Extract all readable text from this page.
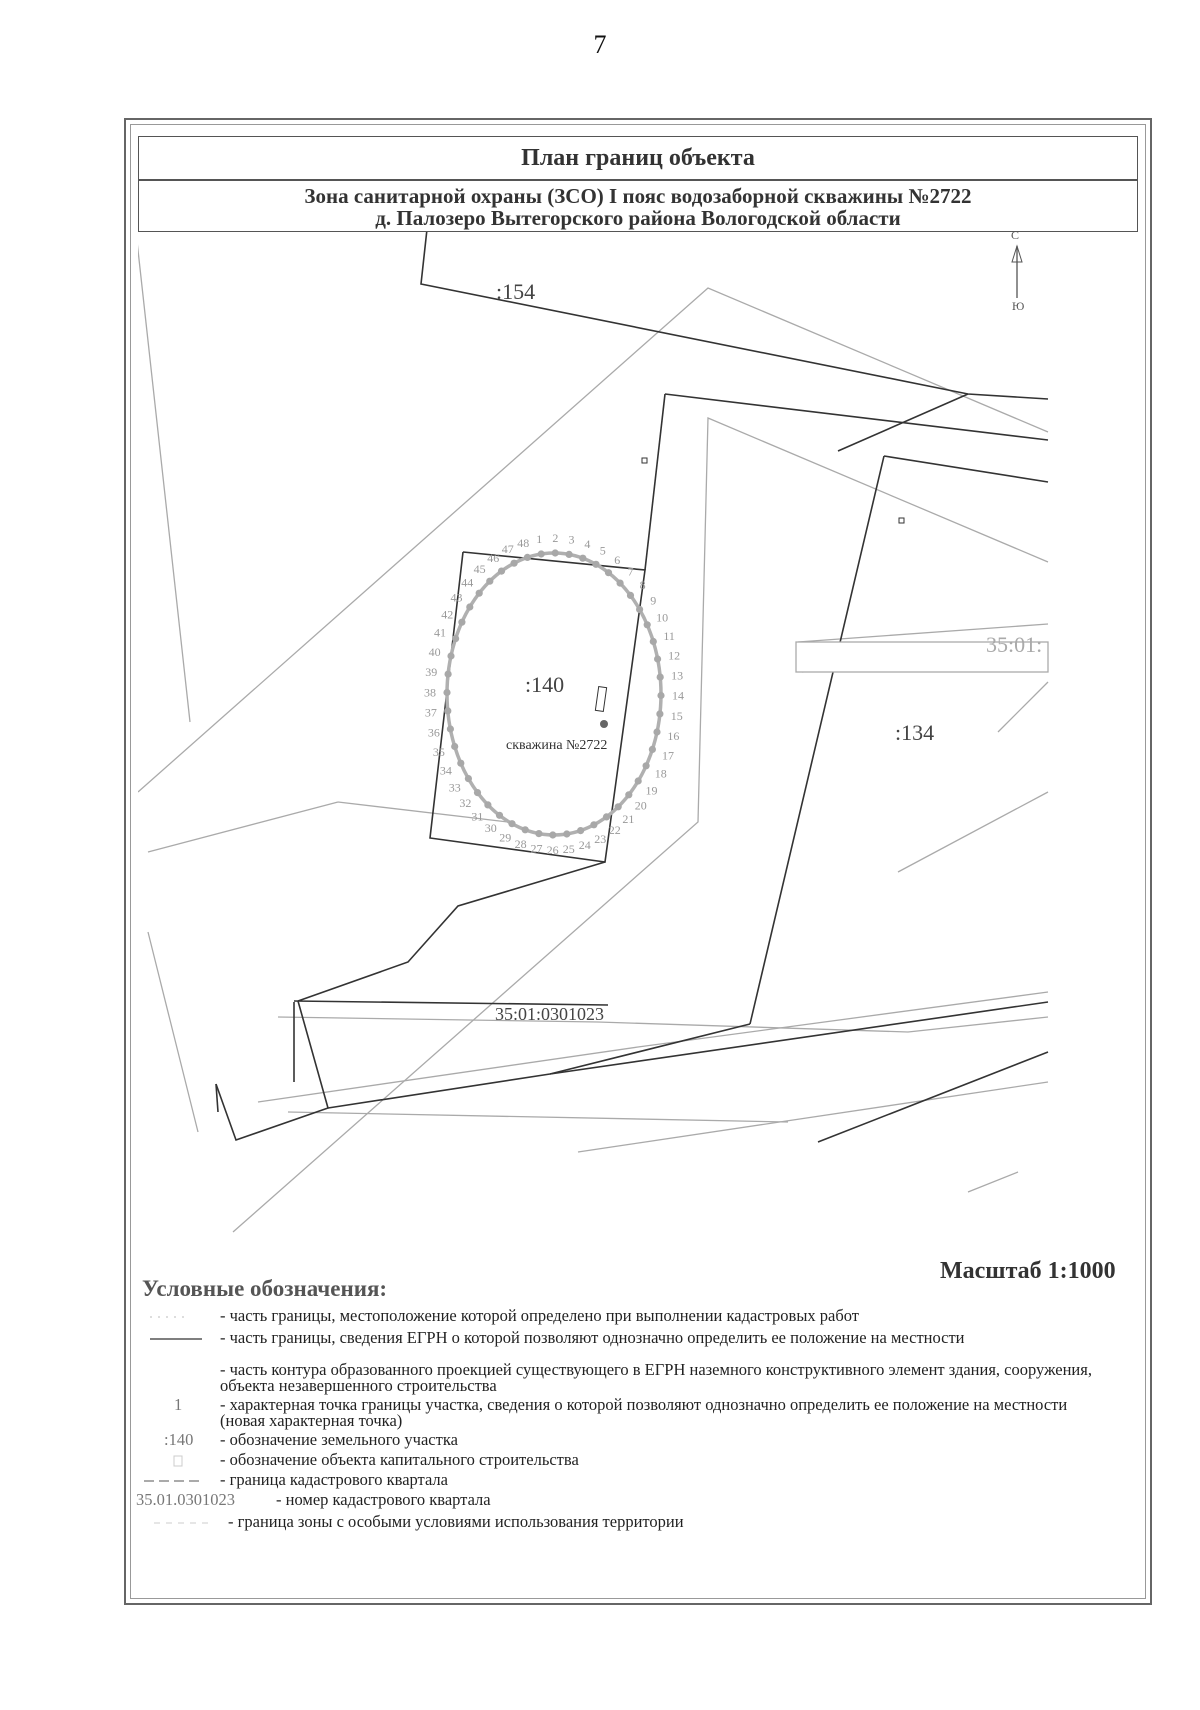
7
План границ объекта
Зона санитарной охраны (ЗСО) I пояс водозаборной скважины №2722
д. Палозеро Вытегорского района Вологодской области
1 2 3 4 5
6
7
8
9
10
11
12
13
14
15
16
17
18
19
20
21
22
23
24
25
26
27
28
29
30
31
32
33
34
35
36
37
38
39
40
41
42
43
44
45
46
47 48
скважина №2722
:154
:140
:134
35:01:
35:01:0301023
С
Ю
Масштаб 1:1000
Условные обозначения:
- часть границы, местоположение которой определено при выполнении кадастровых работ
- часть границы, сведения ЕГРН о которой позволяют однозначно определить ее положение на местности
- часть контура образованного проекцией существующего в ЕГРН наземного конструктивного элемент здания, сооружения, объекта незавершенного строительства
1	- характерная точка границы участка, сведения о которой позволяют однозначно определить ее положение на местности (новая характерная точка)
:140	- обозначение земельного участка
- обозначение объекта капитального строительства
- граница кадастрового квартала
35.01.0301023	- номер кадастрового квартала
- граница зоны с особыми условиями использования территории
